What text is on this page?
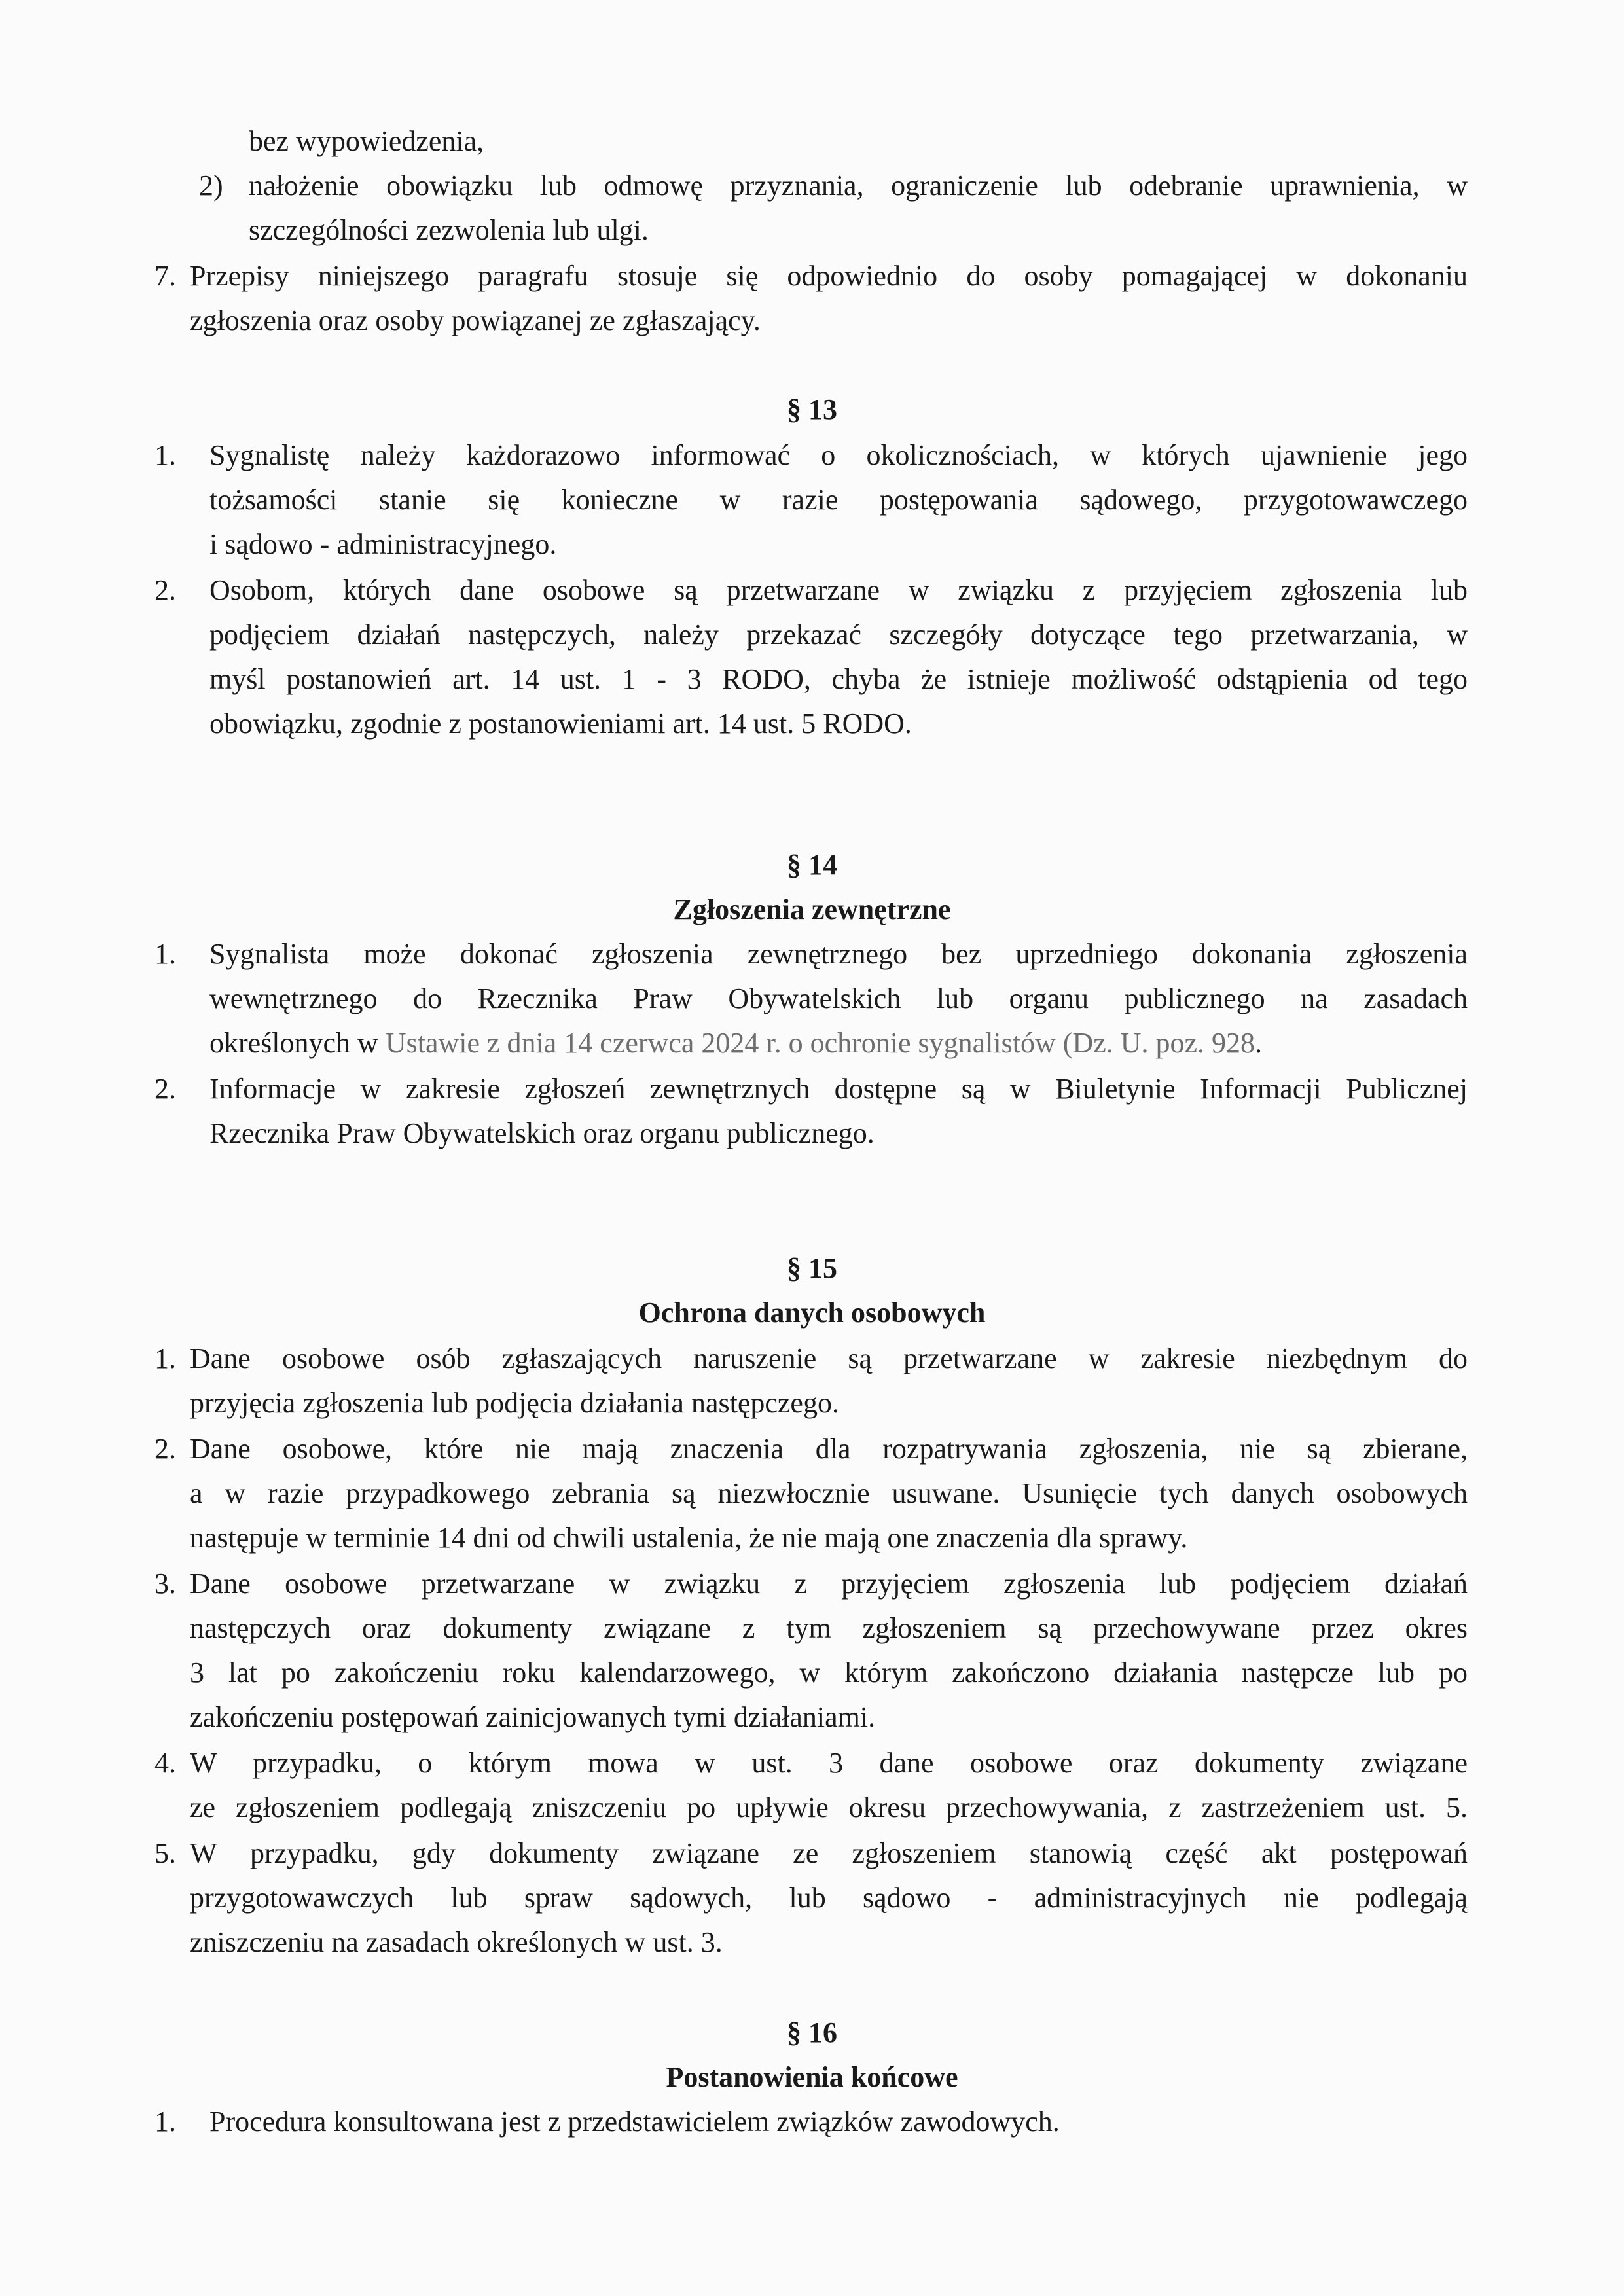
bez wypowiedzenia,
2) nałożenie obowiązku lub odmowę przyznania, ograniczenie lub odebranie uprawnienia, w
szczególności zezwolenia lub ulgi.
7. Przepisy niniejszego paragrafu stosuje się odpowiednio do osoby pomagającej w dokonaniu
zgłoszenia oraz osoby powiązanej ze zgłaszający.
§ 13
1. Sygnalistę należy każdorazowo informować o okolicznościach, w których ujawnienie jego
tożsamości stanie się konieczne w razie postępowania sądowego, przygotowawczego
i sądowo - administracyjnego.
2. Osobom, których dane osobowe są przetwarzane w związku z przyjęciem zgłoszenia lub
podjęciem działań następczych, należy przekazać szczegóły dotyczące tego przetwarzania, w
myśl postanowień art. 14 ust. 1 - 3 RODO, chyba że istnieje możliwość odstąpienia od tego
obowiązku, zgodnie z postanowieniami art. 14 ust. 5 RODO.
§ 14
Zgłoszenia zewnętrzne
1. Sygnalista może dokonać zgłoszenia zewnętrznego bez uprzedniego dokonania zgłoszenia
wewnętrznego do Rzecznika Praw Obywatelskich lub organu publicznego na zasadach
określonych w Ustawie z dnia 14 czerwca 2024 r. o ochronie sygnalistów (Dz. U. poz. 928.
2. Informacje w zakresie zgłoszeń zewnętrznych dostępne są w Biuletynie Informacji Publicznej
Rzecznika Praw Obywatelskich oraz organu publicznego.
§ 15
Ochrona danych osobowych
1. Dane osobowe osób zgłaszających naruszenie są przetwarzane w zakresie niezbędnym do
przyjęcia zgłoszenia lub podjęcia działania następczego.
2. Dane osobowe, które nie mają znaczenia dla rozpatrywania zgłoszenia, nie są zbierane,
a w razie przypadkowego zebrania są niezwłocznie usuwane. Usunięcie tych danych osobowych
następuje w terminie 14 dni od chwili ustalenia, że nie mają one znaczenia dla sprawy.
3. Dane osobowe przetwarzane w związku z przyjęciem zgłoszenia lub podjęciem działań
następczych oraz dokumenty związane z tym zgłoszeniem są przechowywane przez okres
3 lat po zakończeniu roku kalendarzowego, w którym zakończono działania następcze lub po
zakończeniu postępowań zainicjowanych tymi działaniami.
4. W przypadku, o którym mowa w ust. 3 dane osobowe oraz dokumenty związane
ze zgłoszeniem podlegają zniszczeniu po upływie okresu przechowywania, z zastrzeżeniem ust. 5.
5. W przypadku, gdy dokumenty związane ze zgłoszeniem stanowią część akt postępowań
przygotowawczych lub spraw sądowych, lub sądowo - administracyjnych nie podlegają
zniszczeniu na zasadach określonych w ust. 3.
§ 16
Postanowienia końcowe
1. Procedura konsultowana jest z przedstawicielem związków zawodowych.
